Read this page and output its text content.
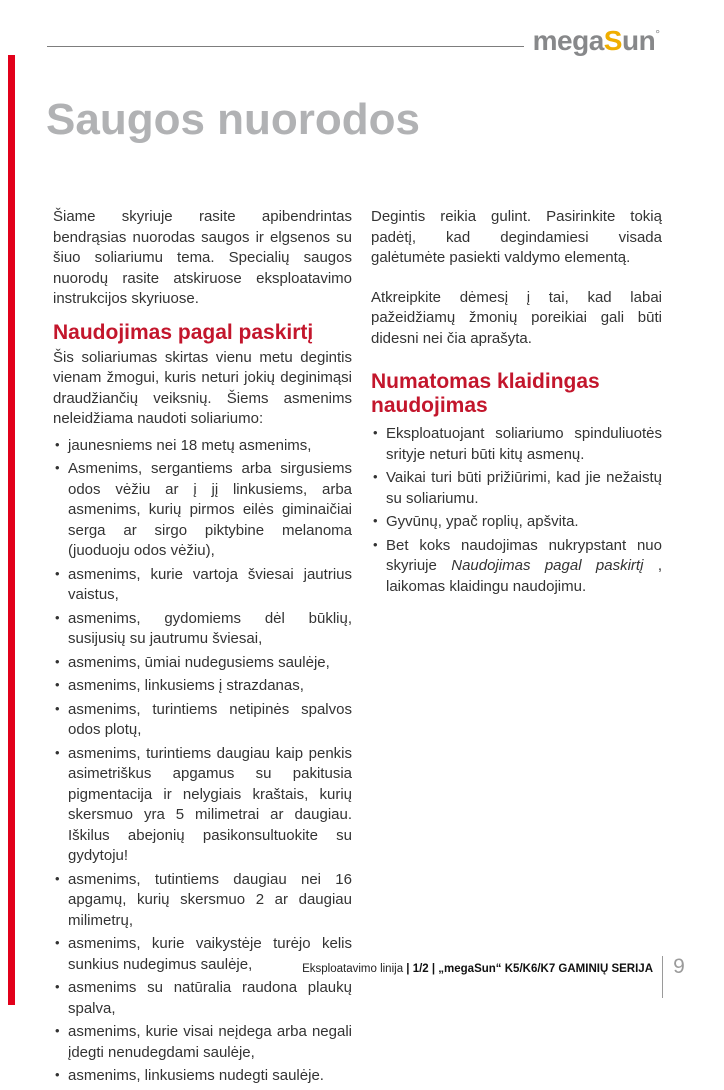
megaSun°
Saugos nuorodos

Šiame skyriuje rasite apibendrintas bendrąsias nuorodas saugos ir elgsenos su šiuo soliariumu tema. Specialių saugos nuorodų rasite atskiruose eksploatavimo instrukcijos skyriuose.

Naudojimas pagal paskirtį

Šis soliariumas skirtas vienu metu degintis vienam žmogui, kuris neturi jokių deginimąsi draudžiančių veiksnių. Šiems asmenims neleidžiama naudoti soliariumo:

• jaunesniems nei 18 metų asmenims,
• Asmenims, sergantiems arba sirgusiems odos vėžiu ar į jį linkusiems, arba asmenims, kurių pirmos eilės giminaičiai serga ar sirgo piktybine melanoma (juoduoju odos vėžiu),
• asmenims, kurie vartoja šviesai jautrius vaistus,
• asmenims, gydomiems dėl būklių, susijusių su jautrumu šviesai,
• asmenims, ūmiai nudegusiems saulėje,
• asmenims, linkusiems į strazdanas,
• asmenims, turintiems netipinės spalvos odos plotų,
• asmenims, turintiems daugiau kaip penkis asimetriškus apgamus su pakitusia pigmentacija ir nelygiais kraštais, kurių skersmuo yra 5 milimetrai ar daugiau. Iškilus abejonių pasikonsultuokite su gydytoju!
• asmenims, tutintiems daugiau nei 16 apgamų, kurių skersmuo 2 ar daugiau milimetrų,
• asmenims, kurie vaikystėje turėjo kelis sunkius nudegimus saulėje,
• asmenims su natūralia raudona plaukų spalva,
• asmenims, kurie visai neįdega arba negali įdegti nenudegdami saulėje,
• asmenims, linkusiems nudegti saulėje.

Degintis reikia gulint. Pasirinkite tokią padėtį, kad degindamiesi visada galėtumėte pasiekti valdymo elementą.

Atkreipkite dėmesį į tai, kad labai pažeidžiamų žmonių poreikiai gali būti didesni nei čia aprašyta.

Numatomas klaidingas naudojimas
• Eksploatuojant soliariumo spinduliuotės srityje neturi būti kitų asmenų.
• Vaikai turi būti prižiūrimi, kad jie nežaistų su soliariumu.
• Gyvūnų, ypač roplių, apšvita.
• Bet koks naudojimas nukrypstant nuo skyriuje Naudojimas pagal paskirtį , laikomas klaidingu naudojimu.
Eksploatavimo linija | 1/2 | „megaSun“ K5/K6/K7 GAMINIŲ SERIJA 9
